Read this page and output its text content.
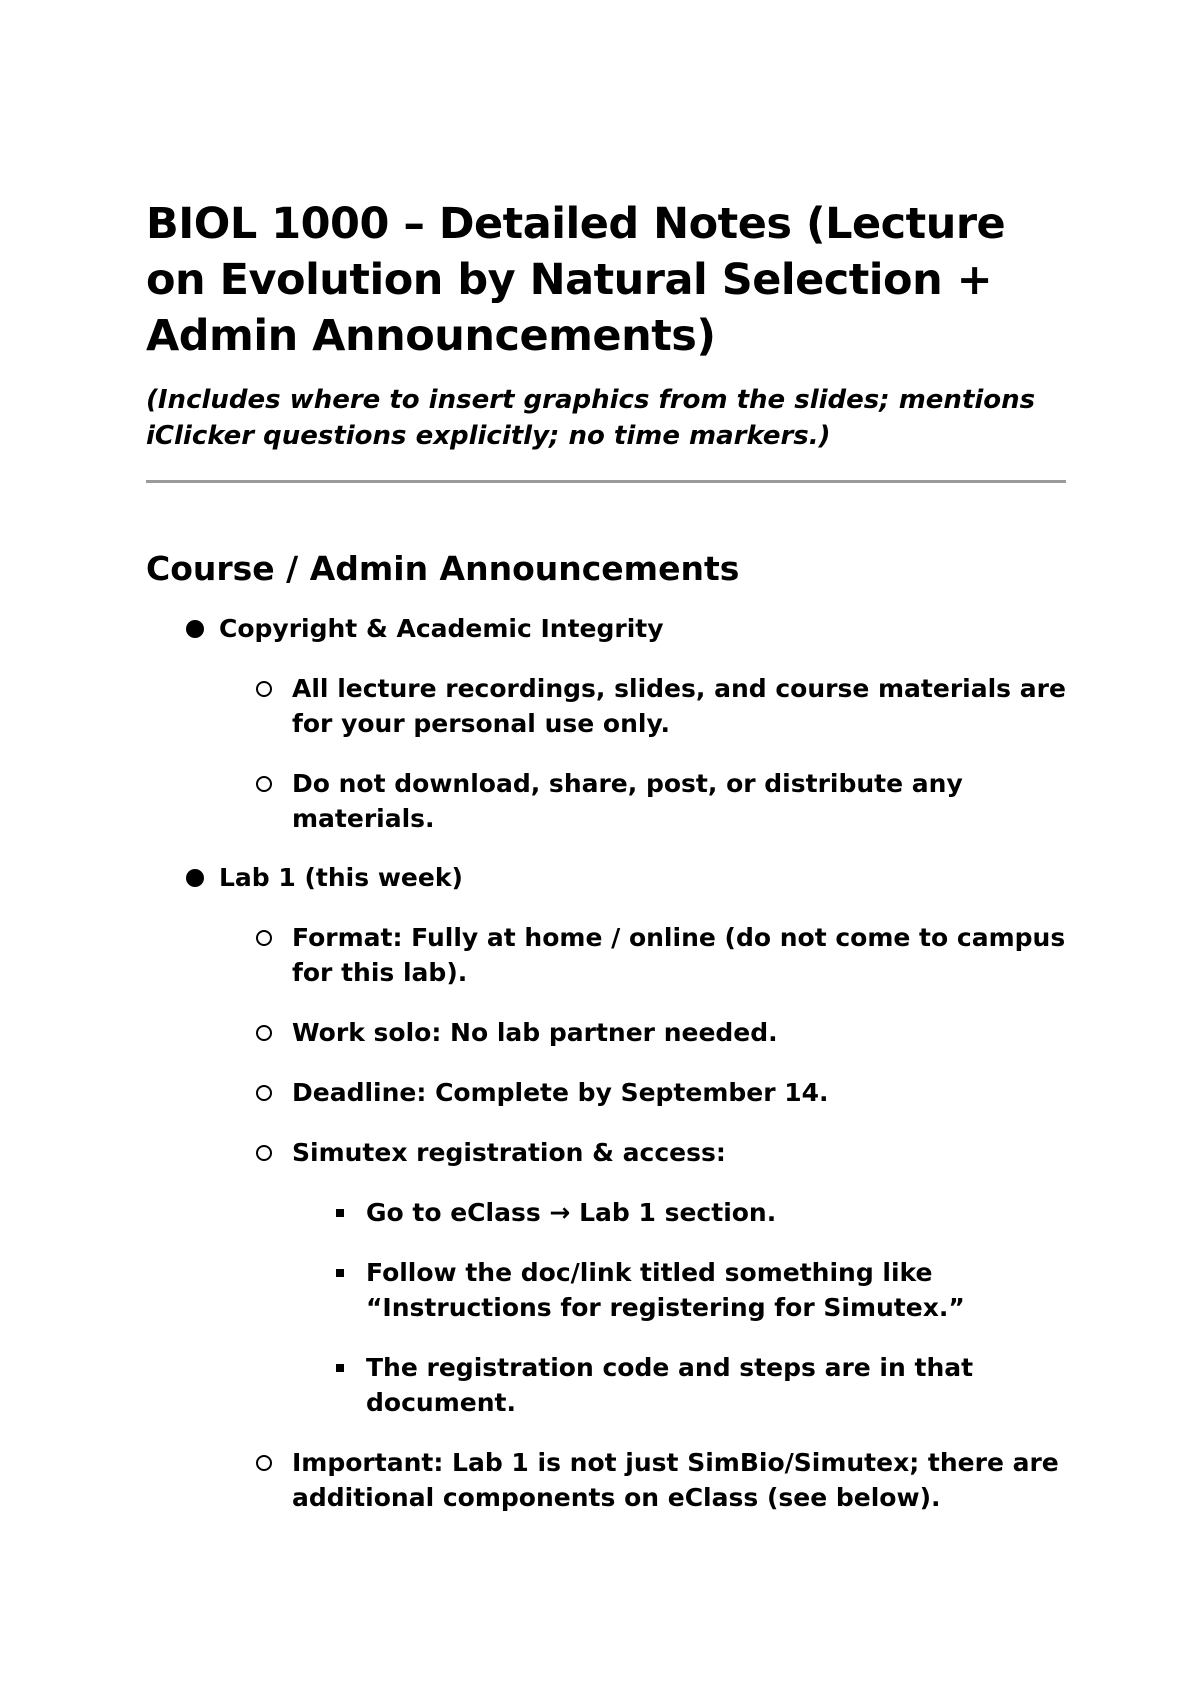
BIOL 1000 – Detailed Notes (Lecture on Evolution by Natural Selection + Admin Announcements)

(Includes where to insert graphics from the slides; mentions iClicker questions explicitly; no time markers.)

Course / Admin Announcements
Copyright & Academic Integrity
All lecture recordings, slides, and course materials are for your personal use only.
Do not download, share, post, or distribute any materials.
Lab 1 (this week)
Format: Fully at home / online (do not come to campus for this lab).
Work solo: No lab partner needed.
Deadline: Complete by September 14.
Simutex registration & access:
Go to eClass → Lab 1 section.
Follow the doc/link titled something like “Instructions for registering for Simutex.”
The registration code and steps are in that document.
Important: Lab 1 is not just SimBio/Simutex; there are additional components on eClass (see below).
